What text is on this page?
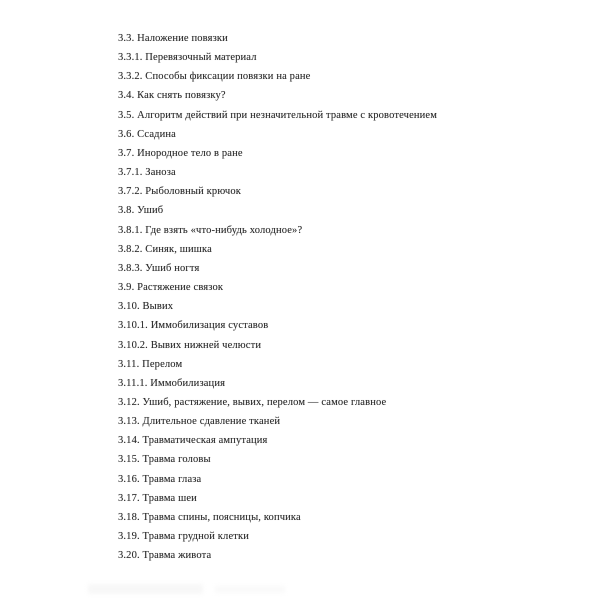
3.3. Наложение повязки
3.3.1. Перевязочный материал
3.3.2. Способы фиксации повязки на ране
3.4. Как снять повязку?
3.5. Алгоритм действий при незначительной травме с кровотечением
3.6. Ссадина
3.7. Инородное тело в ране
3.7.1. Заноза
3.7.2. Рыболовный крючок
3.8. Ушиб
3.8.1. Где взять «что-нибудь холодное»?
3.8.2. Синяк, шишка
3.8.3. Ушиб ногтя
3.9. Растяжение связок
3.10. Вывих
3.10.1. Иммобилизация суставов
3.10.2. Вывих нижней челюсти
3.11. Перелом
3.11.1. Иммобилизация
3.12. Ушиб, растяжение, вывих, перелом — самое главное
3.13. Длительное сдавление тканей
3.14. Травматическая ампутация
3.15. Травма головы
3.16. Травма глаза
3.17. Травма шеи
3.18. Травма спины, поясницы, копчика
3.19. Травма грудной клетки
3.20. Травма живота
